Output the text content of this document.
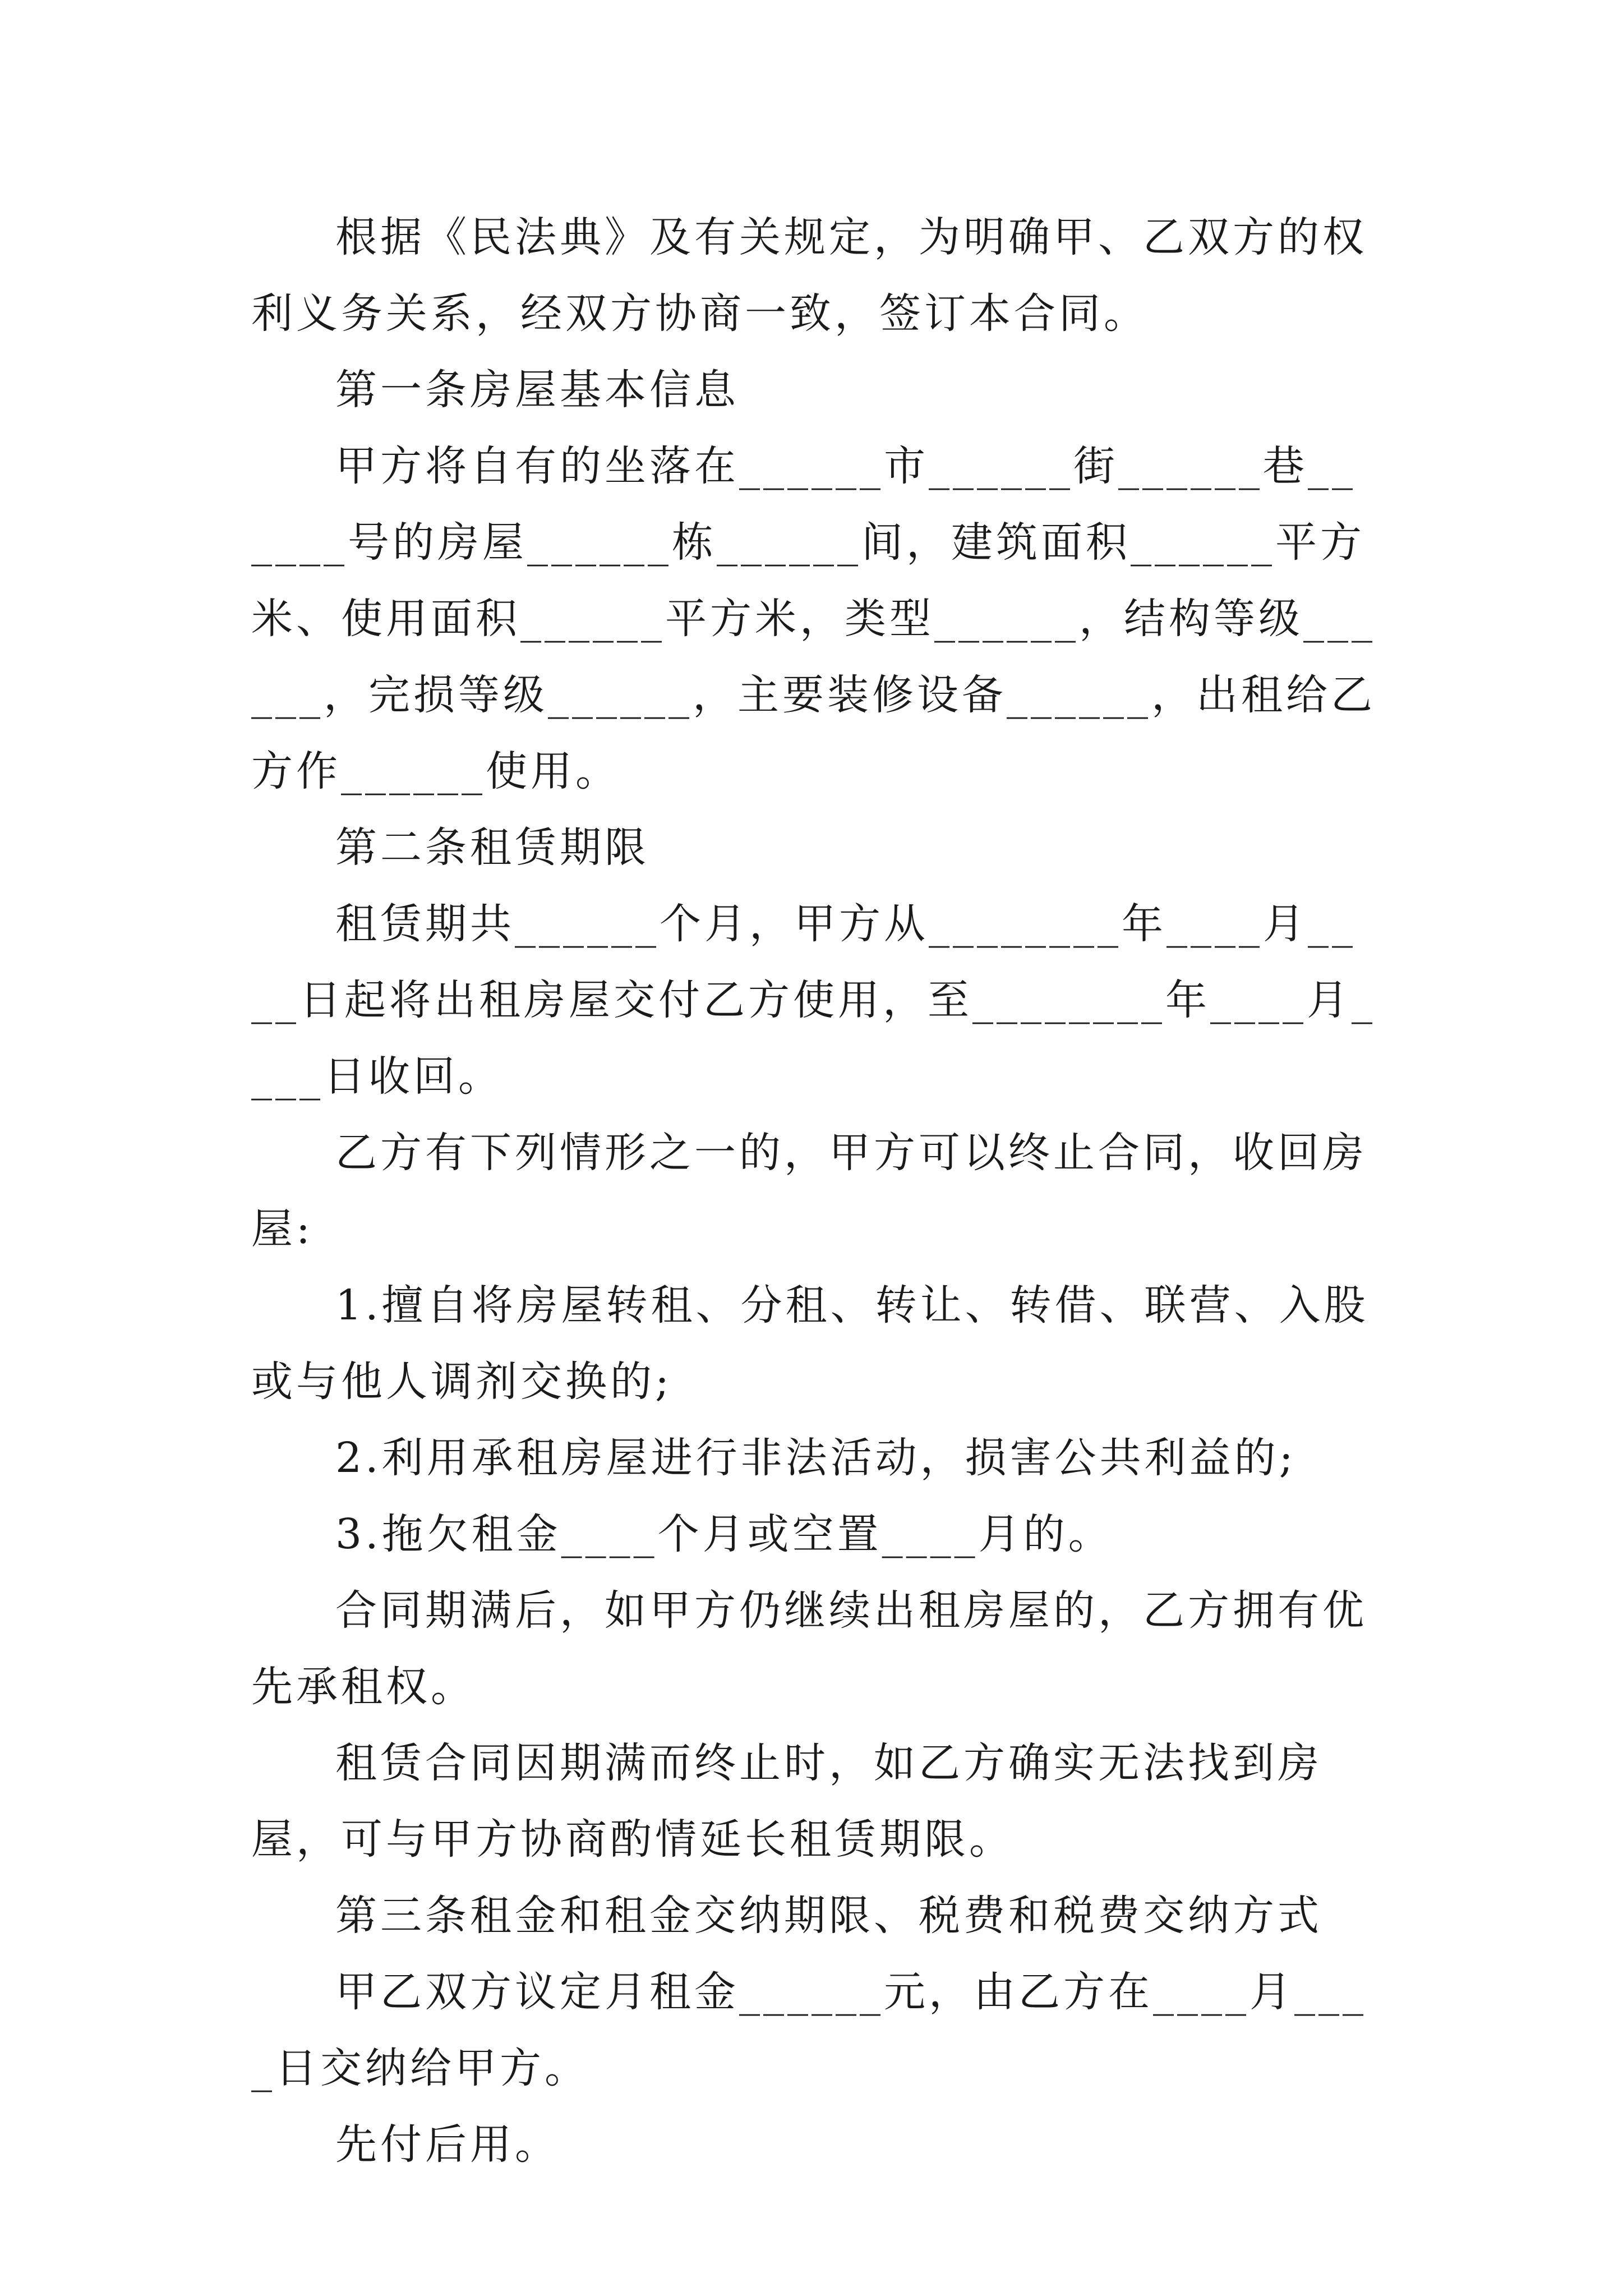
根据《民法典》及有关规定，为明确甲、乙双方的权利义务关系，经双方协商一致，签订本合同。

第一条房屋基本信息

甲方将自有的坐落在______市______街______巷______号的房屋______栋______间，建筑面积______平方米、使用面积______平方米，类型______，结构等级______，完损等级______，主要装修设备______，出租给乙方作______使用。

第二条租赁期限

租赁期共______个月，甲方从________年____月____日起将出租房屋交付乙方使用，至________年____月____日收回。

乙方有下列情形之一的，甲方可以终止合同，收回房屋:

1.擅自将房屋转租、分租、转让、转借、联营、入股或与他人调剂交换的;

2.利用承租房屋进行非法活动，损害公共利益的;

3.拖欠租金____个月或空置____月的。

合同期满后，如甲方仍继续出租房屋的，乙方拥有优先承租权。

租赁合同因期满而终止时，如乙方确实无法找到房屋，可与甲方协商酌情延长租赁期限。

第三条租金和租金交纳期限、税费和税费交纳方式

甲乙双方议定月租金______元，由乙方在____月____日交纳给甲方。

先付后用。
